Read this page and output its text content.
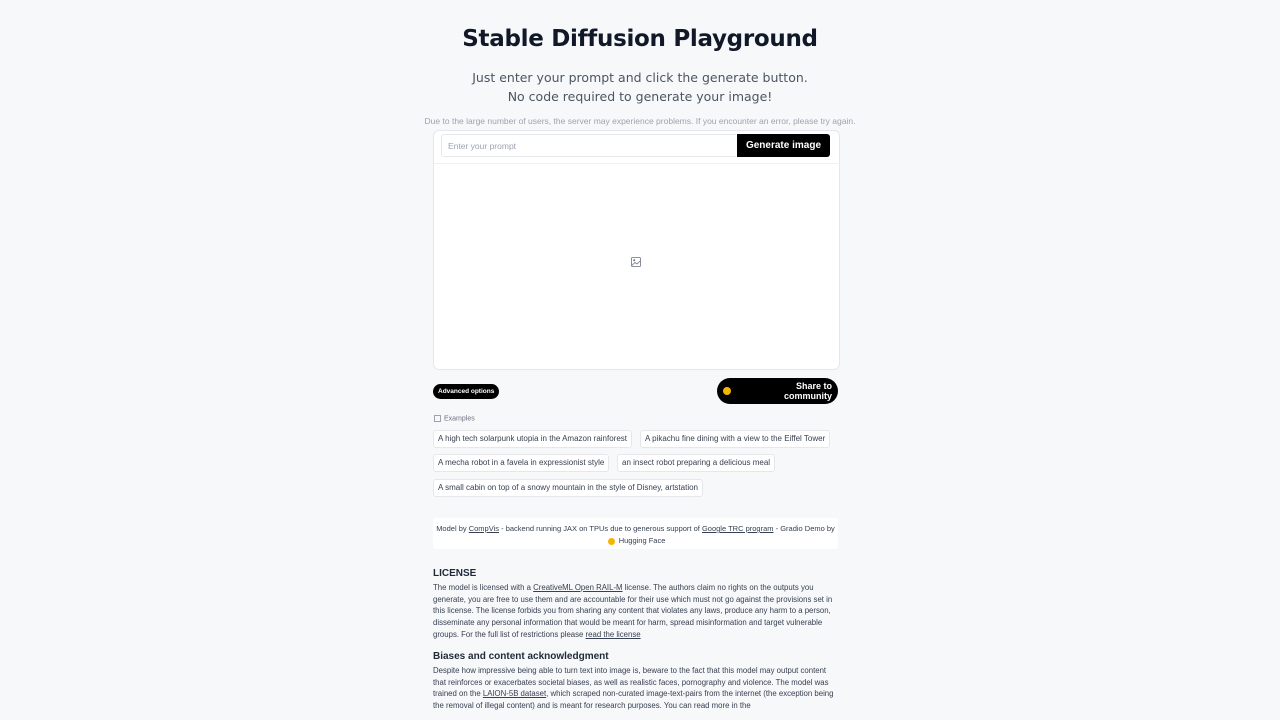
Stable Diffusion Playground
Just enter your prompt and click the generate button.
No code required to generate your image!
Due to the large number of users, the server may experience problems. If you encounter an error, please try again.
Enter your prompt
Generate image
Advanced options
Share to community
Examples
A high tech solarpunk utopia in the Amazon rainforest	A pikachu fine dining with a view to the Eiffel Tower
A mecha robot in a favela in expressionist style	an insect robot preparing a delicious meal
A small cabin on top of a snowy mountain in the style of Disney, artstation
Model by CompVis - backend running JAX on TPUs due to generous support of Google TRC program - Gradio Demo by  Hugging Face
LICENSE
The model is licensed with a CreativeML Open RAIL-M license. The authors claim no rights on the outputs you generate, you are free to use them and are accountable for their use which must not go against the provisions set in this license. The license forbids you from sharing any content that violates any laws, produce any harm to a person, disseminate any personal information that would be meant for harm, spread misinformation and target vulnerable groups. For the full list of restrictions please read the license
Biases and content acknowledgment
Despite how impressive being able to turn text into image is, beware to the fact that this model may output content that reinforces or exacerbates societal biases, as well as realistic faces, pornography and violence. The model was trained on the LAION-5B dataset, which scraped non-curated image-text-pairs from the internet (the exception being the removal of illegal content) and is meant for research purposes. You can read more in the
